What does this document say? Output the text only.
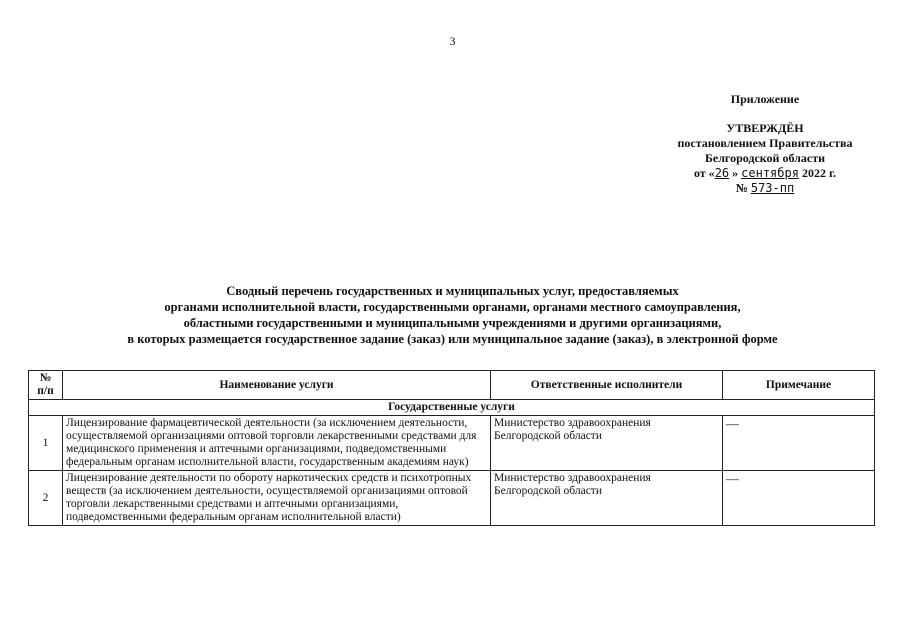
3
Приложение
УТВЕРЖДЁН
постановлением Правительства
Белгородской области
от «26 » сентября 2022 г.
№ 573-пп
Сводный перечень государственных и муниципальных услуг, предоставляемых
органами исполнительной власти, государственными органами, органами местного самоуправления,
областными государственными и муниципальными учреждениями и другими организациями,
в которых размещается государственное задание (заказ) или муниципальное задание (заказ), в электронной форме
№
п/п	Наименование услуги	Ответственные исполнители	Примечание
Государственные услуги			
1	Лицензирование фармацевтической деятельности (за исключением деятельности, осуществляемой организациями оптовой торговли лекарственными средствами для медицинского применения и аптечными организациями, подведомственными федеральным органам исполнительной власти, государственным академиям наук)	Министерство здравоохранения Белгородской области	—
2	Лицензирование деятельности по обороту наркотических средств и психотропных веществ (за исключением деятельности, осуществляемой организациями оптовой торговли лекарственными средствами и аптечными организациями, подведомственными федеральным органам исполнительной власти)	Министерство здравоохранения Белгородской области	—
